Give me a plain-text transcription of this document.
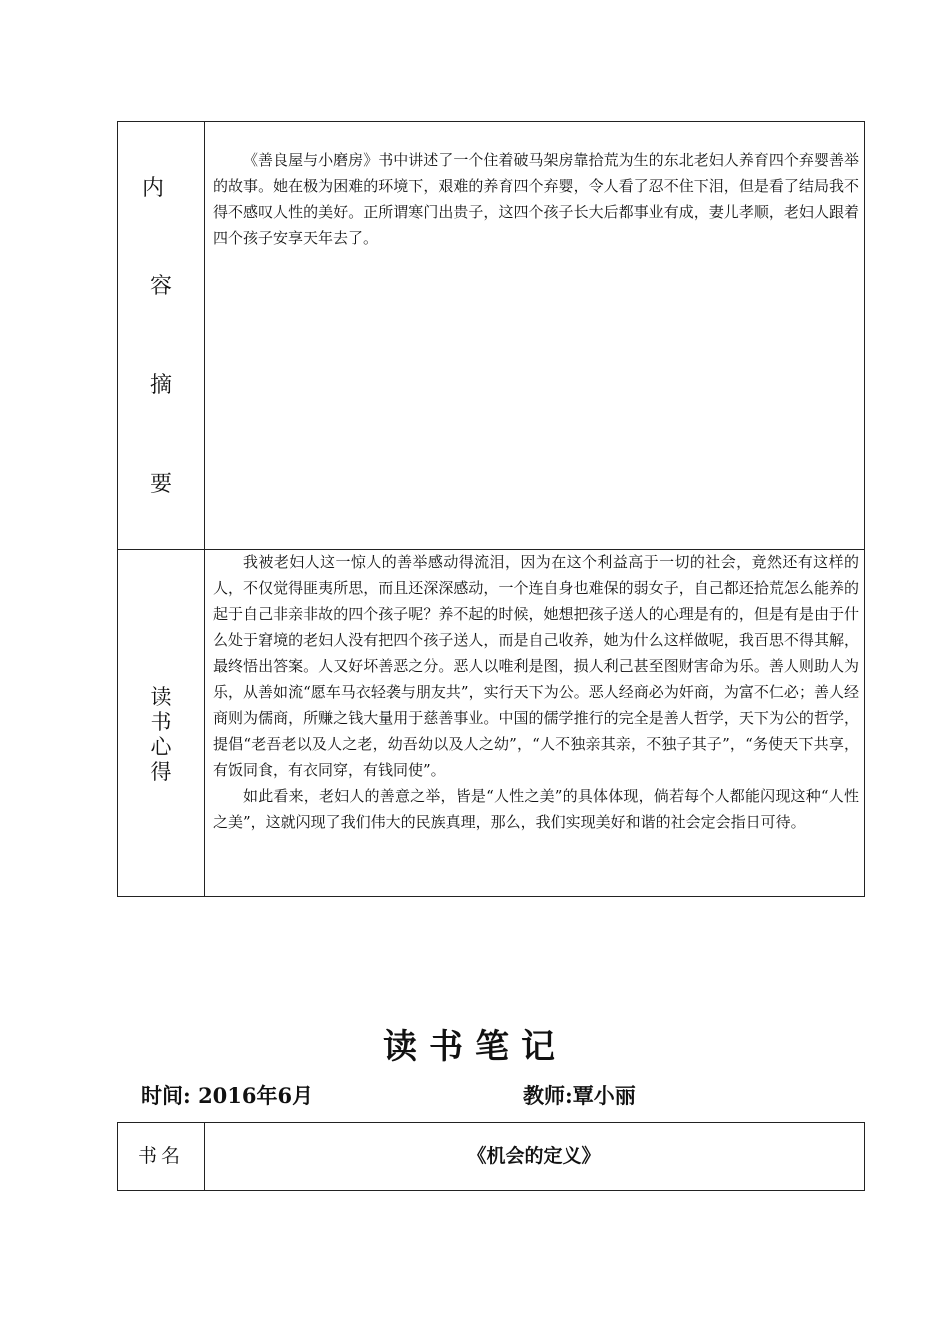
内
容
摘
要

《善良屋与小磨房》书中讲述了一个住着破马架房靠拾荒为生的东北老妇人养育四个弃婴善举的故事。她在极为困难的环境下，艰难的养育四个弃婴，令人看了忍不住下泪，但是看了结局我不得不感叹人性的美好。正所谓寒门出贵子，这四个孩子长大后都事业有成，妻儿孝顺，老妇人跟着四个孩子安享天年去了。

读
书
心
得

我被老妇人这一惊人的善举感动得流泪，因为在这个利益高于一切的社会，竟然还有这样的人，不仅觉得匪夷所思，而且还深深感动，一个连自身也难保的弱女子，自己都还拾荒怎么能养的起于自己非亲非故的四个孩子呢？养不起的时候，她想把孩子送人的心理是有的，但是有是由于什么处于窘境的老妇人没有把四个孩子送人，而是自己收养，她为什么这样做呢，我百思不得其解，最终悟出答案。人又好坏善恶之分。恶人以唯利是图，损人利己甚至图财害命为乐。善人则助人为乐，从善如流“愿车马衣轻袭与朋友共”，实行天下为公。恶人经商必为奸商，为富不仁必；善人经商则为儒商，所赚之钱大量用于慈善事业。中国的儒学推行的完全是善人哲学，天下为公的哲学，提倡“老吾老以及人之老，幼吾幼以及人之幼”，“人不独亲其亲，不独子其子”，“务使天下共享，有饭同食，有衣同穿，有钱同使”。

如此看来，老妇人的善意之举，皆是“人性之美”的具体体现，倘若每个人都能闪现这种“人性之美”，这就闪现了我们伟大的民族真理，那么，我们实现美好和谐的社会定会指日可待。

读书笔记
时间: 2016年6月	教师:覃小丽
书名	《机会的定义》
